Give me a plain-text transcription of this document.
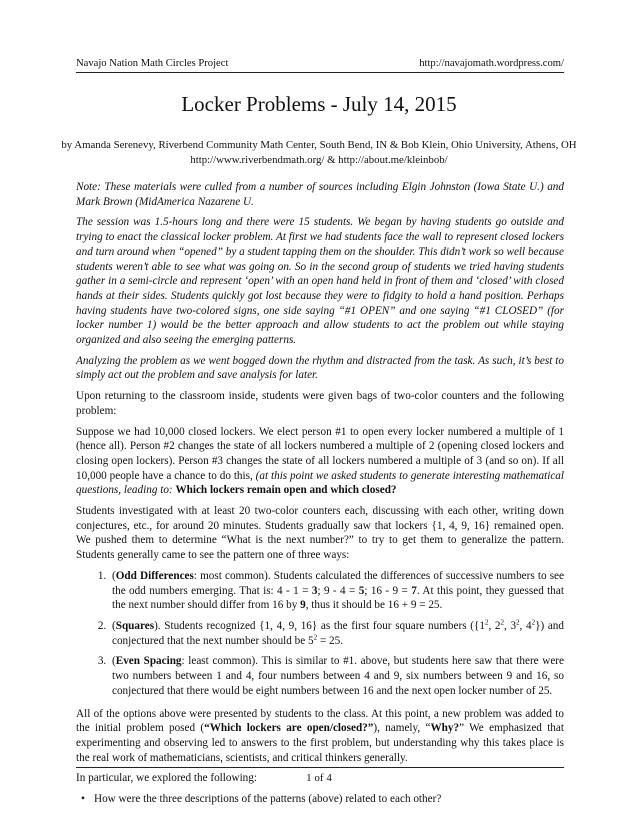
Navajo Nation Math Circles Project	http://navajomath.wordpress.com/
Locker Problems - July 14, 2015
by Amanda Serenevy, Riverbend Community Math Center, South Bend, IN & Bob Klein, Ohio University, Athens, OH
http://www.riverbendmath.org/ & http://about.me/kleinbob/

Note: These materials were culled from a number of sources including Elgin Johnston (Iowa State U.) and Mark Brown (MidAmerica Nazarene U.

The session was 1.5-hours long and there were 15 students. We began by having students go outside and trying to enact the classical locker problem. At first we had students face the wall to represent closed lockers and turn around when “opened” by a student tapping them on the shoulder. This didn’t work so well because students weren’t able to see what was going on. So in the second group of students we tried having students gather in a semi-circle and represent ‘open’ with an open hand held in front of them and ‘closed’ with closed hands at their sides. Students quickly got lost because they were to fidgity to hold a hand position. Perhaps having students have two-colored signs, one side saying “#1 OPEN” and one saying “#1 CLOSED” (for locker number 1) would be the better approach and allow students to act the problem out while staying organized and also seeing the emerging patterns.

Analyzing the problem as we went bogged down the rhythm and distracted from the task. As such, it’s best to simply act out the problem and save analysis for later.

Upon returning to the classroom inside, students were given bags of two-color counters and the following problem:

Suppose we had 10,000 closed lockers. We elect person #1 to open every locker numbered a multiple of 1 (hence all). Person #2 changes the state of all lockers numbered a multiple of 2 (opening closed lockers and closing open lockers). Person #3 changes the state of all lockers numbered a multiple of 3 (and so on). If all 10,000 people have a chance to do this, (at this point we asked students to generate interesting mathematical questions, leading to: Which lockers remain open and which closed?

Students investigated with at least 20 two-color counters each, discussing with each other, writing down conjectures, etc., for around 20 minutes. Students gradually saw that lockers {1, 4, 9, 16} remained open. We pushed them to determine “What is the next number?” to try to get them to generalize the pattern. Students generally came to see the pattern one of three ways:

1. (Odd Differences: most common). Students calculated the differences of successive numbers to see the odd numbers emerging. That is: 4 - 1 = 3; 9 - 4 = 5; 16 - 9 = 7. At this point, they guessed that the next number should differ from 16 by 9, thus it should be 16 + 9 = 25.
2. (Squares). Students recognized {1, 4, 9, 16} as the first four square numbers ({$1^2$, $2^2$, $3^2$, $4^2$}) and conjectured that the next number should be $5^2 = 25$.
3. (Even Spacing: least common). This is similar to #1. above, but students here saw that there were two numbers between 1 and 4, four numbers between 4 and 9, six numbers between 9 and 16, so conjectured that there would be eight numbers between 16 and the next open locker number of 25.

All of the options above were presented by students to the class. At this point, a new problem was added to the initial problem posed (“Which lockers are open/closed?”), namely, “Why?” We emphasized that experimenting and observing led to answers to the first problem, but understanding why this takes place is the real work of mathematicians, scientists, and critical thinkers generally.

In particular, we explored the following:

• How were the three descriptions of the patterns (above) related to each other?
1 of 4
